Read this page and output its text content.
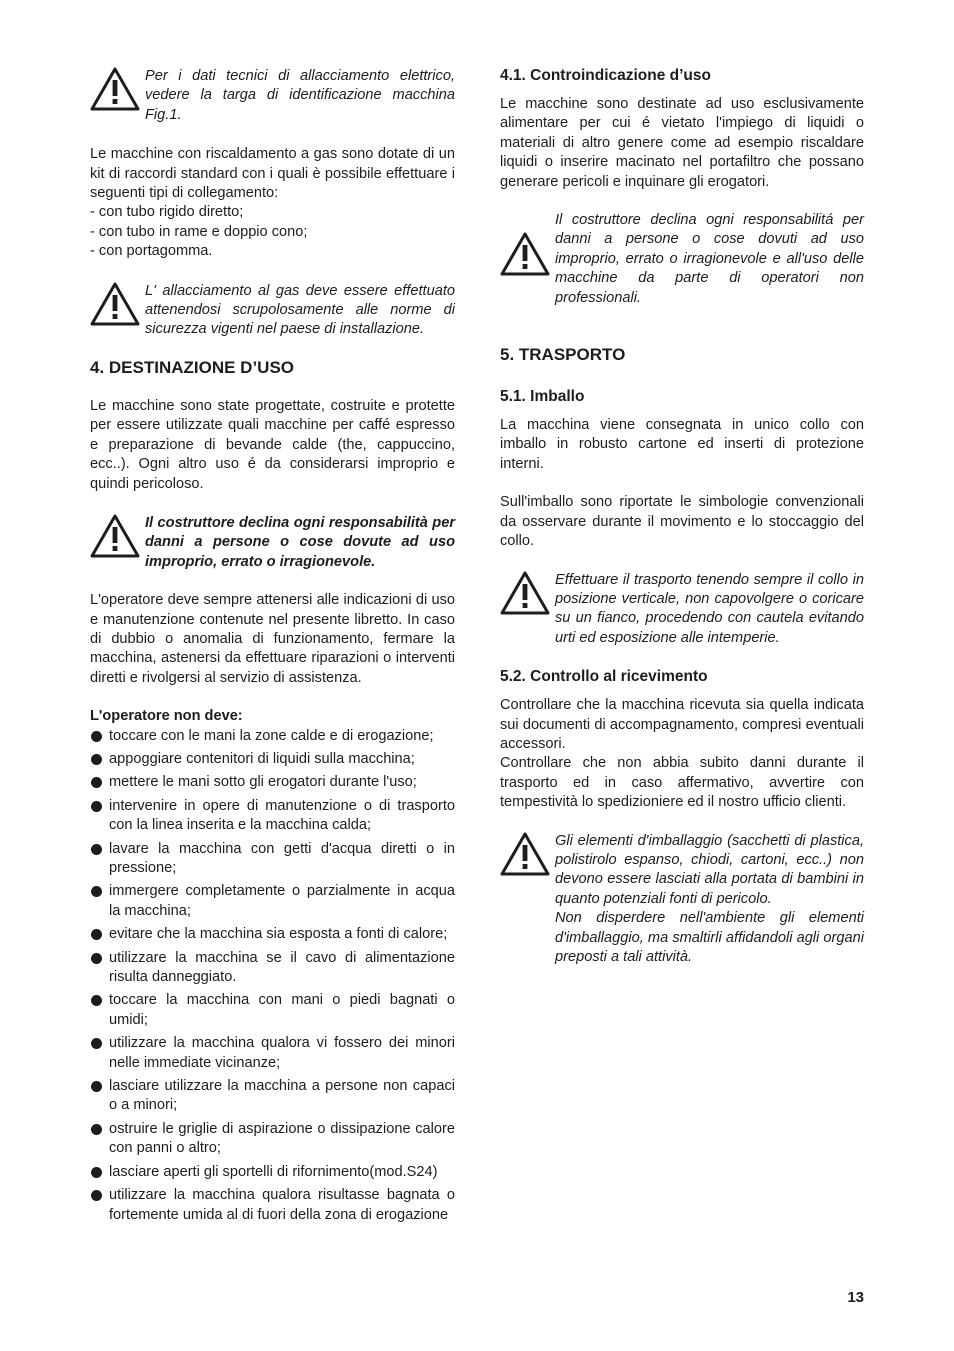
Per i dati tecnici di allacciamento elettrico, vedere la targa di identificazione macchina Fig.1.

Le macchine con riscaldamento a gas sono dotate di un kit di raccordi standard con i quali è possibile effettuare i seguenti tipi di collegamento:

- con tubo rigido diretto;
- con tubo in rame e doppio cono;
- con portagomma.

L' allacciamento al gas deve essere effettuato attenendosi scrupolosamente alle norme di sicurezza vigenti nel paese di installazione.
4. DESTINAZIONE D’USO

Le macchine sono state progettate, costruite e protette per essere utilizzate quali macchine per caffé espresso e preparazione di bevande calde (the, cappuccino, ecc..). Ogni altro uso é da considerarsi improprio e quindi pericoloso.

Il costruttore declina ogni responsabilità per danni a persone o cose dovute ad uso improprio, errato o irragionevole.

L'operatore deve sempre attenersi alle indicazioni di uso e manutenzione contenute nel presente libretto. In caso di dubbio o anomalia di funzionamento, fermare la macchina, astenersi da effettuare riparazioni o interventi diretti e rivolgersi al servizio di assistenza.

L'operatore non deve:

toccare con le mani la zone calde e di erogazione;
appoggiare contenitori di liquidi sulla macchina;
mettere le mani sotto gli erogatori durante l'uso;
intervenire in opere di manutenzione o di trasporto con la linea inserita e la macchina calda;
lavare la macchina con getti d'acqua diretti o in pressione;
immergere completamente o parzialmente in acqua la macchina;
evitare che la macchina sia esposta a fonti di calore;
utilizzare la macchina se il cavo di alimentazione risulta danneggiato.
toccare la macchina con mani o piedi bagnati o umidi;
utilizzare la macchina qualora vi fossero dei minori nelle immediate vicinanze;
lasciare utilizzare la macchina a persone non capaci o a minori;
ostruire le griglie di aspirazione o dissipazione calore con panni o altro;
lasciare aperti gli sportelli di rifornimento(mod.S24)
utilizzare la macchina qualora risultasse bagnata o fortemente umida al di fuori della zona di erogazione
4.1. Controindicazione d’uso

Le macchine sono destinate ad uso esclusivamente alimentare per cui é vietato l'impiego di liquidi o materiali di altro genere come ad esempio riscaldare liquidi o inserire macinato nel portafiltro che possano generare pericoli e inquinare gli erogatori.

Il costruttore declina ogni responsabilitá per danni a persone o cose dovuti ad uso improprio, errato o irragionevole e all'uso delle macchine da parte di operatori non professionali.
5. TRASPORTO
5.1. Imballo

La macchina viene consegnata in unico collo con imballo in robusto cartone ed inserti di protezione interni.

Sull'imballo sono riportate le simbologie convenzionali da osservare durante il movimento e lo stoccaggio del collo.

Effettuare il trasporto tenendo sempre il collo in posizione verticale, non capovolgere o coricare su un fianco, procedendo con cautela evitando urti ed esposizione alle intemperie.
5.2. Controllo al ricevimento

Controllare che la macchina ricevuta sia quella indicata sui documenti di accompagnamento, compresi eventuali accessori.
Controllare che non abbia subito danni durante il trasporto ed in caso affermativo, avvertire con tempestività lo spedizioniere ed il nostro ufficio clienti.

Gli elementi d'imballaggio (sacchetti di plastica, polistirolo espanso, chiodi, cartoni, ecc..) non devono essere lasciati alla portata di bambini in quanto potenziali fonti di pericolo.
Non disperdere nell'ambiente gli elementi d'imballaggio, ma smaltirli affidandoli agli organi preposti a tali attività.
13
